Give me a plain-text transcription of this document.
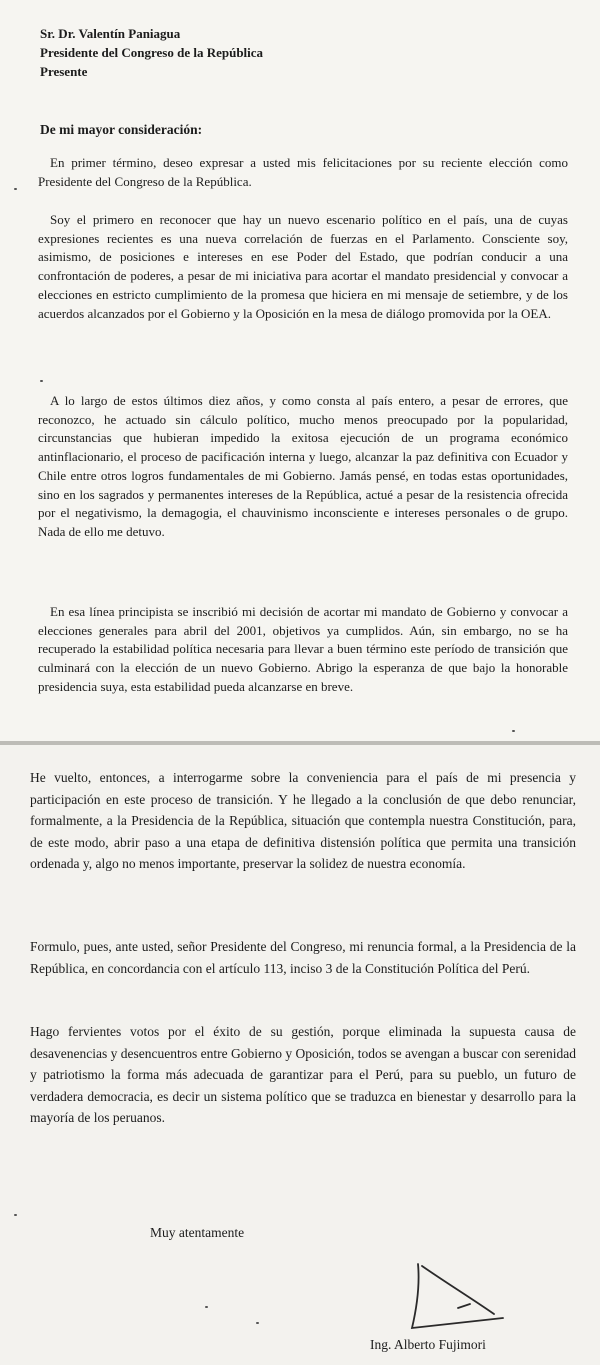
Sr. Dr. Valentín Paniagua
Presidente del Congreso de la República
Presente
De mi mayor consideración:
En primer término, deseo expresar a usted mis felicitaciones por su reciente elección como Presidente del Congreso de la República.
Soy el primero en reconocer que hay un nuevo escenario político en el país, una de cuyas expresiones recientes es una nueva correlación de fuerzas en el Parlamento. Consciente soy, asimismo, de posiciones e intereses en ese Poder del Estado, que podrían conducir a una confrontación de poderes, a pesar de mi iniciativa para acortar el mandato presidencial y convocar a elecciones en estricto cumplimiento de la promesa que hiciera en mi mensaje de setiembre, y de los acuerdos alcanzados por el Gobierno y la Oposición en la mesa de diálogo promovida por la OEA.
A lo largo de estos últimos diez años, y como consta al país entero, a pesar de errores, que reconozco, he actuado sin cálculo político, mucho menos preocupado por la popularidad, circunstancias que hubieran impedido la exitosa ejecución de un programa económico antinflacionario, el proceso de pacificación interna y luego, alcanzar la paz definitiva con Ecuador y Chile entre otros logros fundamentales de mi Gobierno. Jamás pensé, en todas estas oportunidades, sino en los sagrados y permanentes intereses de la República, actué a pesar de la resistencia ofrecida por el negativismo, la demagogia, el chauvinismo inconsciente e intereses personales o de grupo. Nada de ello me detuvo.
En esa línea principista se inscribió mi decisión de acortar mi mandato de Gobierno y convocar a elecciones generales para abril del 2001, objetivos ya cumplidos. Aún, sin embargo, no se ha recuperado la estabilidad política necesaria para llevar a buen término este período de transición que culminará con la elección de un nuevo Gobierno. Abrigo la esperanza de que bajo la honorable presidencia suya, esta estabilidad pueda alcanzarse en breve.
He vuelto, entonces, a interrogarme sobre la conveniencia para el país de mi presencia y participación en este proceso de transición. Y he llegado a la conclusión de que debo renunciar, formalmente, a la Presidencia de la República, situación que contempla nuestra Constitución, para, de este modo, abrir paso a una etapa de definitiva distensión política que permita una transición ordenada y, algo no menos importante, preservar la solidez de nuestra economía.
Formulo, pues, ante usted, señor Presidente del Congreso, mi renuncia formal, a la Presidencia de la República, en concordancia con el artículo 113, inciso 3 de la Constitución Política del Perú.
Hago fervientes votos por el éxito de su gestión, porque eliminada la supuesta causa de desavenencias y desencuentros entre Gobierno y Oposición, todos se avengan a buscar con serenidad y patriotismo la forma más adecuada de garantizar para el Perú, para su pueblo, un futuro de verdadera democracia, es decir un sistema político que se traduzca en bienestar y desarrollo para la mayoría de los peruanos.
Muy atentamente
Ing. Alberto Fujimori
